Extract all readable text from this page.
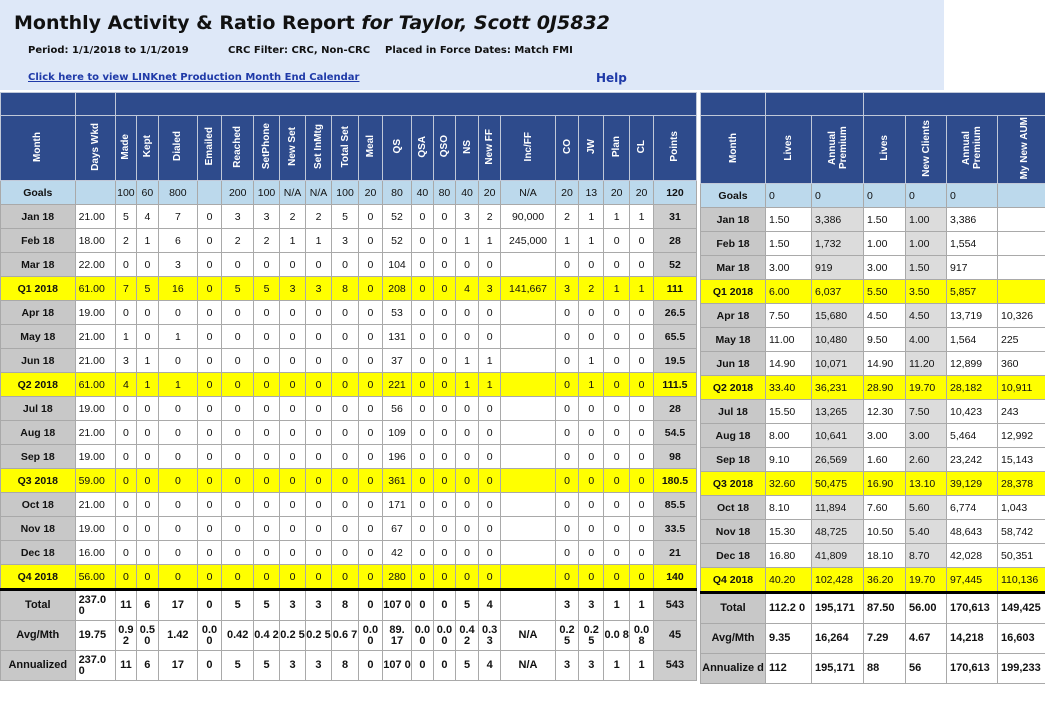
Monthly Activity & Ratio Report for Taylor, Scott 0J5832
Period: 1/1/2018 to 1/1/2019	CRC Filter: CRC, Non-CRC Placed in Force Dates: Match FMI
Click here to view LINKnet Production Month End Calendar	Help

Month	Days Wkd	Made	Kept	Dialed	Emailed	Reached	SetPhone	New Set	Set InMtg	Total Set	Meal	QS	QSA	QSO	NS	New FF	Inc/FF	CO	JW	Plan	CL	Points
Goals		100	60	800		200	100	N/A	N/A	100	20	80	40	80	40	20	N/A	20	13	20	20	120
Jan 18	21.00	5	4	7	0	3	3	2	2	5	0	52	0	0	3	2	90,000	2	1	1	1	31
Feb 18	18.00	2	1	6	0	2	2	1	1	3	0	52	0	0	1	1	245,000	1	1	0	0	28
Mar 18	22.00	0	0	3	0	0	0	0	0	0	0	104	0	0	0	0		0	0	0	0	52
Q1 2018	61.00	7	5	16	0	5	5	3	3	8	0	208	0	0	4	3	141,667	3	2	1	1	111
Apr 18	19.00	0	0	0	0	0	0	0	0	0	0	53	0	0	0	0		0	0	0	0	26.5
May 18	21.00	1	0	1	0	0	0	0	0	0	0	131	0	0	0	0		0	0	0	0	65.5
Jun 18	21.00	3	1	0	0	0	0	0	0	0	0	37	0	0	1	1		0	1	0	0	19.5
Q2 2018	61.00	4	1	1	0	0	0	0	0	0	0	221	0	0	1	1		0	1	0	0	111.5
Jul 18	19.00	0	0	0	0	0	0	0	0	0	0	56	0	0	0	0		0	0	0	0	28
Aug 18	21.00	0	0	0	0	0	0	0	0	0	0	109	0	0	0	0		0	0	0	0	54.5
Sep 18	19.00	0	0	0	0	0	0	0	0	0	0	196	0	0	0	0		0	0	0	0	98
Q3 2018	59.00	0	0	0	0	0	0	0	0	0	0	361	0	0	0	0		0	0	0	0	180.5
Oct 18	21.00	0	0	0	0	0	0	0	0	0	0	171	0	0	0	0		0	0	0	0	85.5
Nov 18	19.00	0	0	0	0	0	0	0	0	0	0	67	0	0	0	0		0	0	0	0	33.5
Dec 18	16.00	0	0	0	0	0	0	0	0	0	0	42	0	0	0	0		0	0	0	0	21
Q4 2018	56.00	0	0	0	0	0	0	0	0	0	0	280	0	0	0	0		0	0	0	0	140
Total	237.0 0	11	6	17	0	5	5	3	3	8	0	107 0	0	0	5	4		3	3	1	1	543
Avg/Mth	19.75	0.9 2	0.5 0	1.42	0.0 0	0.42	0.4 2	0.2 5	0.2 5	0.6 7	0.0 0	89. 17	0.0 0	0.0 0	0.4 2	0.3 3	N/A	0.2 5	0.2 5	0.0 8	0.0 8	45
Annualized	237.0 0	11	6	17	0	5	5	3	3	8	0	107 0	0	0	5	4	N/A	3	3	1	1	543

Month	Lives	Annual Premium	Lives	New Clients	Annual Premium	My New AUM
Goals	0	0	0	0	0	
Jan 18	1.50	3,386	1.50	1.00	3,386	
Feb 18	1.50	1,732	1.00	1.00	1,554	
Mar 18	3.00	919	3.00	1.50	917	
Q1 2018	6.00	6,037	5.50	3.50	5,857	
Apr 18	7.50	15,680	4.50	4.50	13,719	10,326
May 18	11.00	10,480	9.50	4.00	1,564	225
Jun 18	14.90	10,071	14.90	11.20	12,899	360
Q2 2018	33.40	36,231	28.90	19.70	28,182	10,911
Jul 18	15.50	13,265	12.30	7.50	10,423	243
Aug 18	8.00	10,641	3.00	3.00	5,464	12,992
Sep 18	9.10	26,569	1.60	2.60	23,242	15,143
Q3 2018	32.60	50,475	16.90	13.10	39,129	28,378
Oct 18	8.10	11,894	7.60	5.60	6,774	1,043
Nov 18	15.30	48,725	10.50	5.40	48,643	58,742
Dec 18	16.80	41,809	18.10	8.70	42,028	50,351
Q4 2018	40.20	102,428	36.20	19.70	97,445	110,136
Total	112.2 0	195,171	87.50	56.00	170,613	149,425
Avg/Mth	9.35	16,264	7.29	4.67	14,218	16,603
Annualize d	112	195,171	88	56	170,613	199,233
